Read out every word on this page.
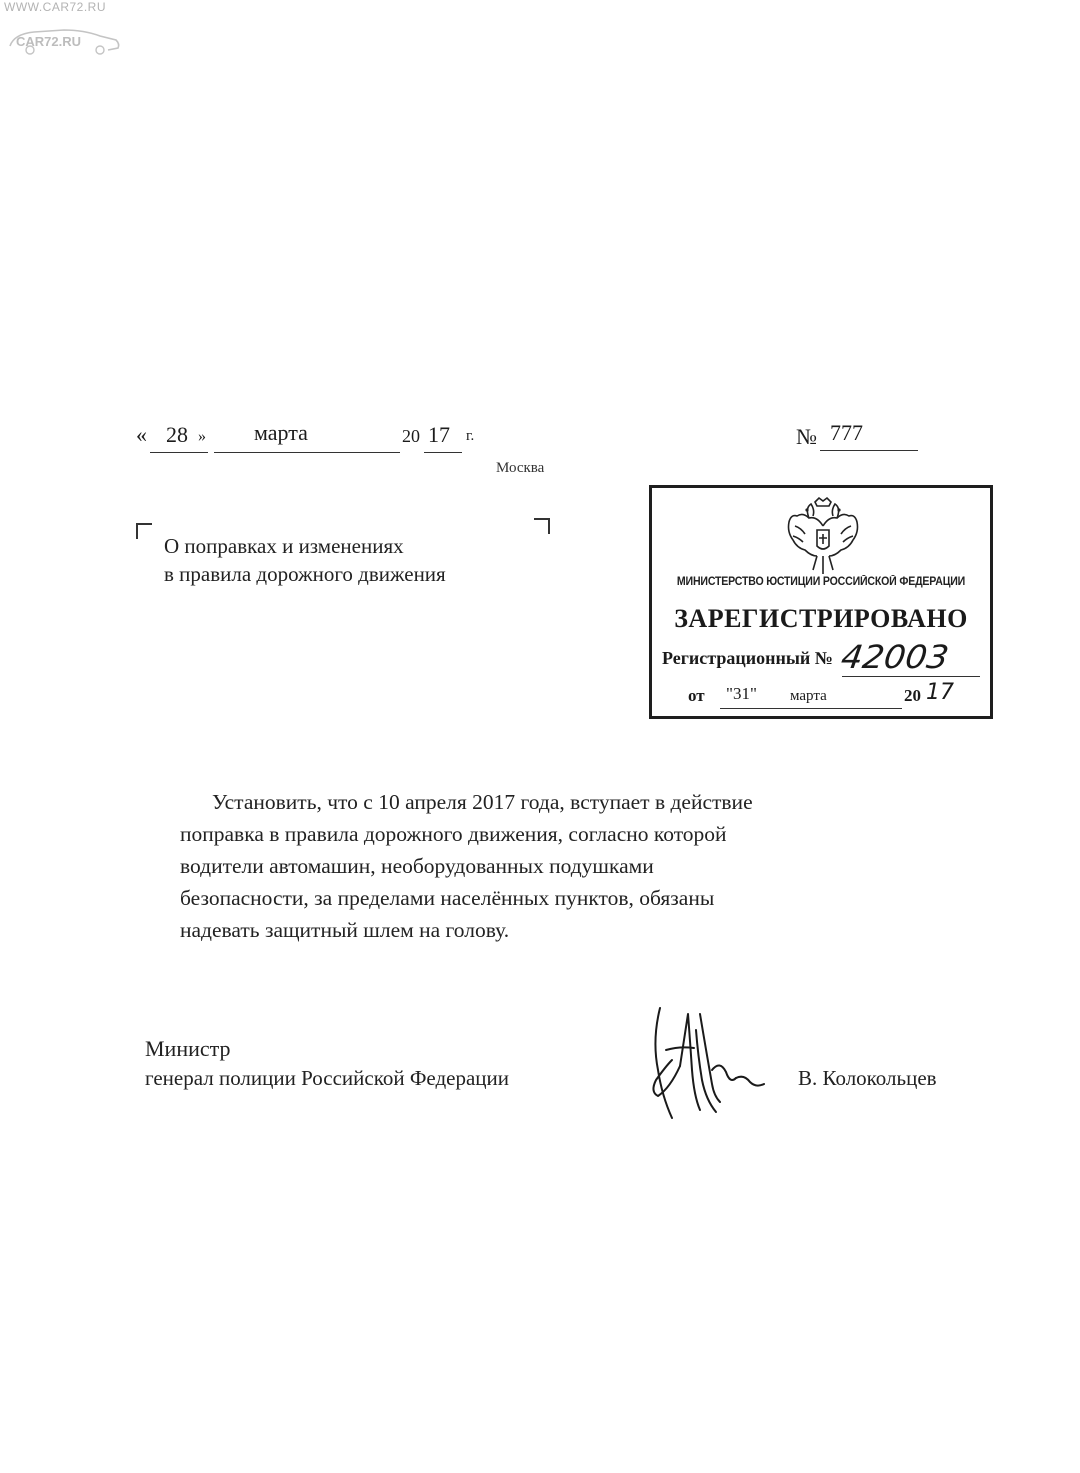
WWW.CAR72.RU
CAR72.RU
« 28 » марта	20 17 г.
Москва
№ 777
О поправках и изменениях
в правила дорожного движения	МИНИСТЕРСТВО ЮСТИЦИИ РОССИЙСКОЙ ФЕДЕРАЦИИ
ЗАРЕГИСТРИРОВАНО
Регистрационный № 42003
от "31" марта	20 17
Установить, что с 10 апреля 2017 года, вступает в действие
поправка в правила дорожного движения, согласно которой
водители автомашин, необорудованных подушками
безопасности, за пределами населённых пунктов, обязаны
надевать защитный шлем на голову.
Министр
генерал полиции Российской Федерации	В. Колокольцев
